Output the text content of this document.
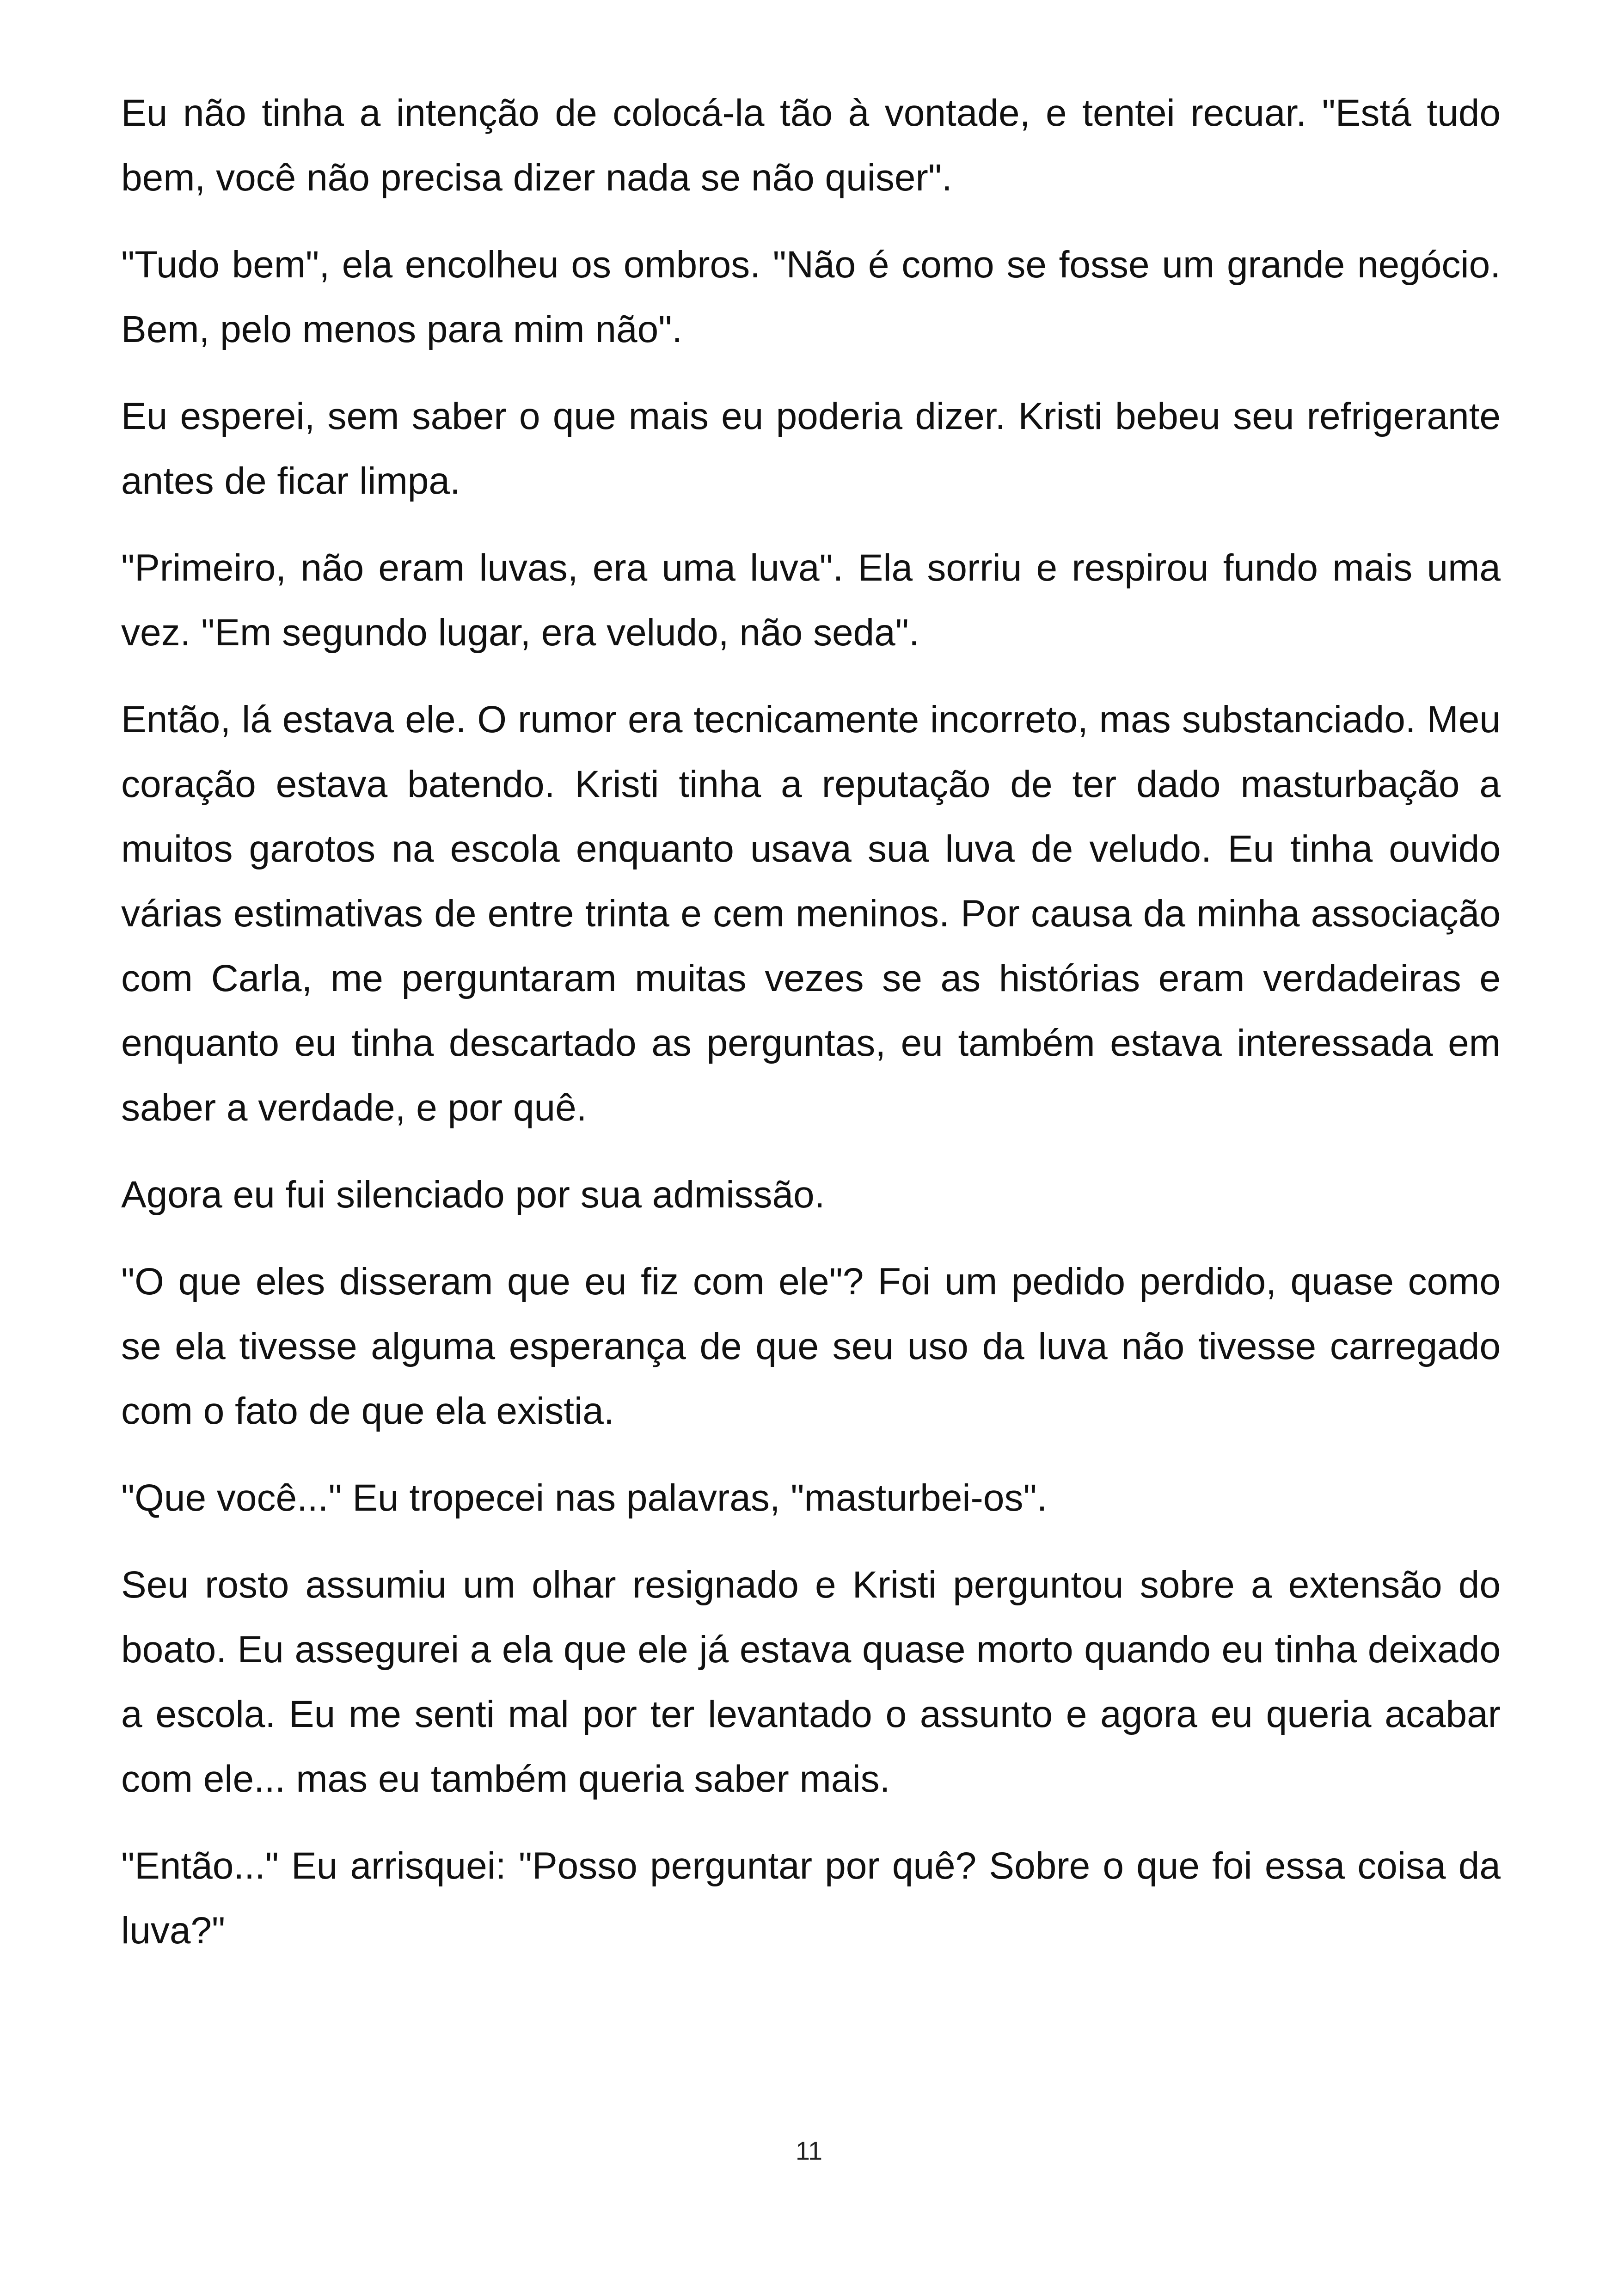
Eu não tinha a intenção de colocá-la tão à vontade, e tentei recuar. "Está tudo bem, você não precisa dizer nada se não quiser".

"Tudo bem", ela encolheu os ombros. "Não é como se fosse um grande negócio. Bem, pelo menos para mim não".

Eu esperei, sem saber o que mais eu poderia dizer. Kristi bebeu seu refrigerante antes de ficar limpa.

"Primeiro, não eram luvas, era uma luva". Ela sorriu e respirou fundo mais uma vez. "Em segundo lugar, era veludo, não seda".

Então, lá estava ele. O rumor era tecnicamente incorreto, mas substanciado. Meu coração estava batendo. Kristi tinha a reputação de ter dado masturbação a muitos garotos na escola enquanto usava sua luva de veludo. Eu tinha ouvido várias estimativas de entre trinta e cem meninos. Por causa da minha associação com Carla, me perguntaram muitas vezes se as histórias eram verdadeiras e enquanto eu tinha descartado as perguntas, eu também estava interessada em saber a verdade, e por quê.

Agora eu fui silenciado por sua admissão.

"O que eles disseram que eu fiz com ele"? Foi um pedido perdido, quase como se ela tivesse alguma esperança de que seu uso da luva não tivesse carregado com o fato de que ela existia.

"Que você..." Eu tropecei nas palavras, "masturbei-os".

Seu rosto assumiu um olhar resignado e Kristi perguntou sobre a extensão do boato. Eu assegurei a ela que ele já estava quase morto quando eu tinha deixado a escola. Eu me senti mal por ter levantado o assunto e agora eu queria acabar com ele... mas eu também queria saber mais.

"Então..." Eu arrisquei: "Posso perguntar por quê? Sobre o que foi essa coisa da luva?"

11
